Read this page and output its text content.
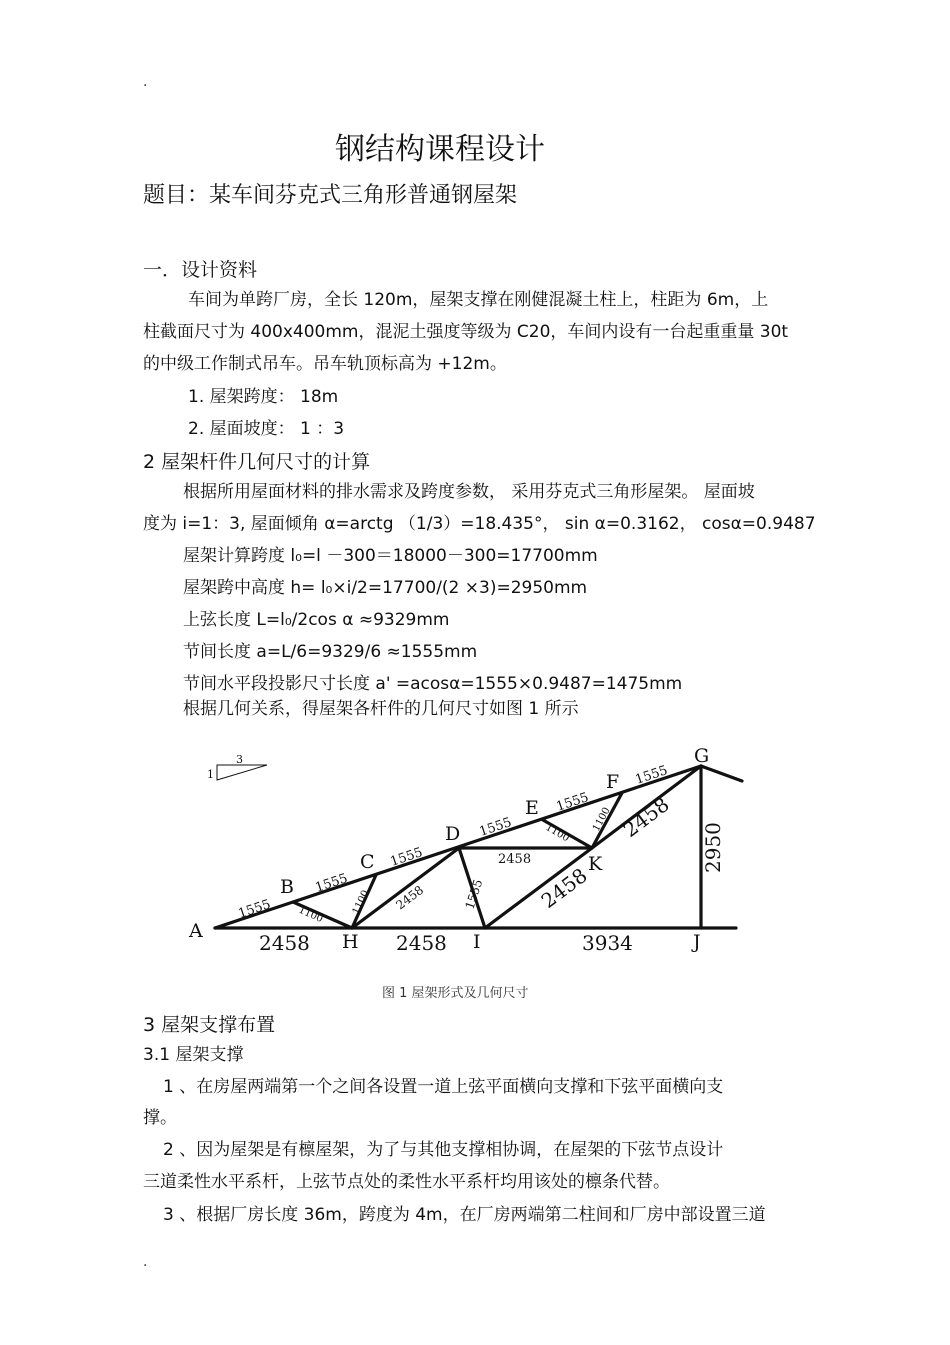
.
钢结构课程设计
题目：某车间芬克式三角形普通钢屋架
一．设计资料
车间为单跨厂房，全长 120m，屋架支撑在刚健混凝土柱上，柱距为 6m，上
柱截面尺寸为 400x400mm，混泥土强度等级为 C20，车间内设有一台起重重量 30t
的中级工作制式吊车。吊车轨顶标高为 +12m。
1. 屋架跨度： 18m
2. 屋面坡度： 1 ：3
2 屋架杆件几何尺寸的计算
根据所用屋面材料的排水需求及跨度参数， 采用芬克式三角形屋架。 屋面坡
度为 i=1：3, 屋面倾角 α=arctg （1/3）=18.435°， sin α=0.3162， cosα=0.9487
屋架计算跨度 l₀=l －300＝18000－300=17700mm
屋架跨中高度 h= l₀×i/2=17700/(2 ×3)=2950mm
上弦长度 L=l₀/2cos α ≈9329mm
节间长度 a=L/6=9329/6 ≈1555mm
节间水平段投影尺寸长度 a' =acosα=1555×0.9487=1475mm
根据几何关系，得屋架各杆件的几何尺寸如图 1 所示
1
3
A
B
C
D
E
F
G
H	I	J
K
1555
1555
1555
1555
1555
1555
1100	1100
1100 1100
2458
2458
1555	2458
2458
2950
2458	2458	3934
图 1 屋架形式及几何尺寸
3 屋架支撑布置
3.1 屋架支撑
1 、在房屋两端第一个之间各设置一道上弦平面横向支撑和下弦平面横向支
撑。
2 、因为屋架是有檩屋架，为了与其他支撑相协调，在屋架的下弦节点设计
三道柔性水平系杆，上弦节点处的柔性水平系杆均用该处的檩条代替。
3 、根据厂房长度 36m，跨度为 4m，在厂房两端第二柱间和厂房中部设置三道
.
